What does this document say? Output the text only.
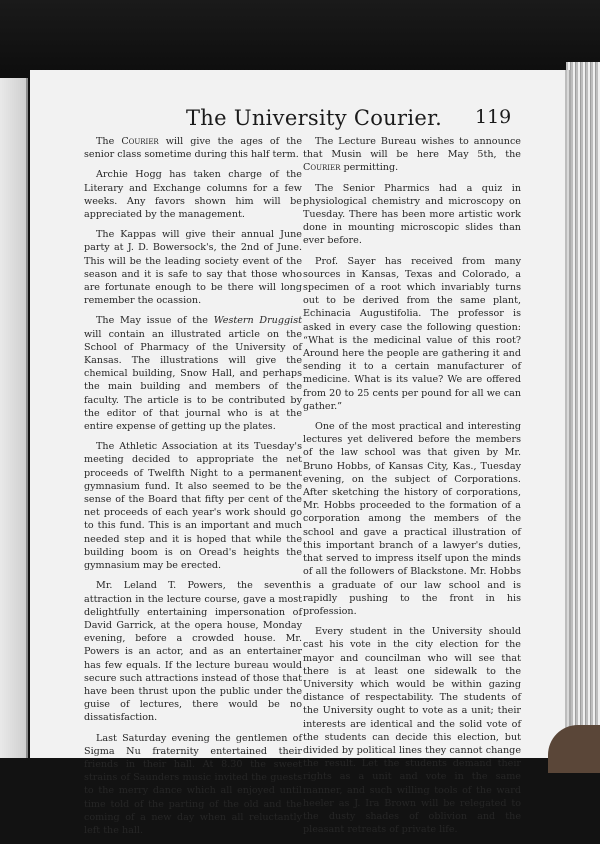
The University Courier. 119

The Courier will give the ages of the senior class sometime during this half term.

Archie Hogg has taken charge of the Literary and Exchange columns for a few weeks. Any favors shown him will be appreciated by the management.

The Kappas will give their annual June party at J. D. Bowersock's, the 2nd of June. This will be the leading society event of the season and it is safe to say that those who are fortunate enough to be there will long remember the ocassion.

The May issue of the Western Druggist will contain an illustrated article on the School of Pharmacy of the University of Kansas. The illustrations will give the chemical building, Snow Hall, and perhaps the main building and members of the faculty. The article is to be contributed by the editor of that journal who is at the entire expense of getting up the plates.

The Athletic Association at its Tuesday's meeting decided to appropriate the net proceeds of Twelfth Night to a permanent gymnasium fund. It also seemed to be the sense of the Board that fifty per cent of the net proceeds of each year's work should go to this fund. This is an important and much needed step and it is hoped that while the building boom is on Oread's heights the gymnasium may be erected.

Mr. Leland T. Powers, the seventh attraction in the lecture course, gave a most delightfully entertaining impersonation of David Garrick, at the opera house, Monday evening, before a crowded house. Mr. Powers is an actor, and as an entertainer has few equals. If the lecture bureau would secure such attractions instead of those that have been thrust upon the public under the guise of lectures, there would be no dissatisfaction.

Last Saturday evening the gentlemen of Sigma Nu fraternity entertained their friends in their hall. At 8.30 the sweet strains of Saunders music invited the guests to the merry dance which all enjoyed until time told of the parting of the old and the coming of a new day when all reluctantly left the hall.

The Lecture Bureau wishes to announce that Musin will be here May 5th, the Courier permitting.

The Senior Pharmics had a quiz in physiological chemistry and microscopy on Tuesday. There has been more artistic work done in mounting microscopic slides than ever before.

Prof. Sayer has received from many sources in Kansas, Texas and Colorado, a specimen of a root which invariably turns out to be derived from the same plant, Echinacia Augustifolia. The professor is asked in every case the following question: “What is the medicinal value of this root? Around here the people are gathering it and sending it to a certain manufacturer of medicine. What is its value? We are offered from 20 to 25 cents per pound for all we can gather.”

One of the most practical and interesting lectures yet delivered before the members of the law school was that given by Mr. Bruno Hobbs, of Kansas City, Kas., Tuesday evening, on the subject of Corporations. After sketching the history of corporations, Mr. Hobbs proceeded to the formation of a corporation among the members of the school and gave a practical illustration of this important branch of a lawyer's duties, that served to impress itself upon the minds of all the followers of Blackstone. Mr. Hobbs is a graduate of our law school and is rapidly pushing to the front in his profession.

Every student in the University should cast his vote in the city election for the mayor and councilman who will see that there is at least one sidewalk to the University which would be within gazing distance of respectability. The students of the University ought to vote as a unit; their interests are identical and the solid vote of the students can decide this election, but divided by political lines they cannot change the result. Let the students demand their rights as a unit and vote in the same manner, and such willing tools of the ward heeler as J. Ira Brown will be relegated to the dusty shades of oblivion and the pleasant retreats of private life.
